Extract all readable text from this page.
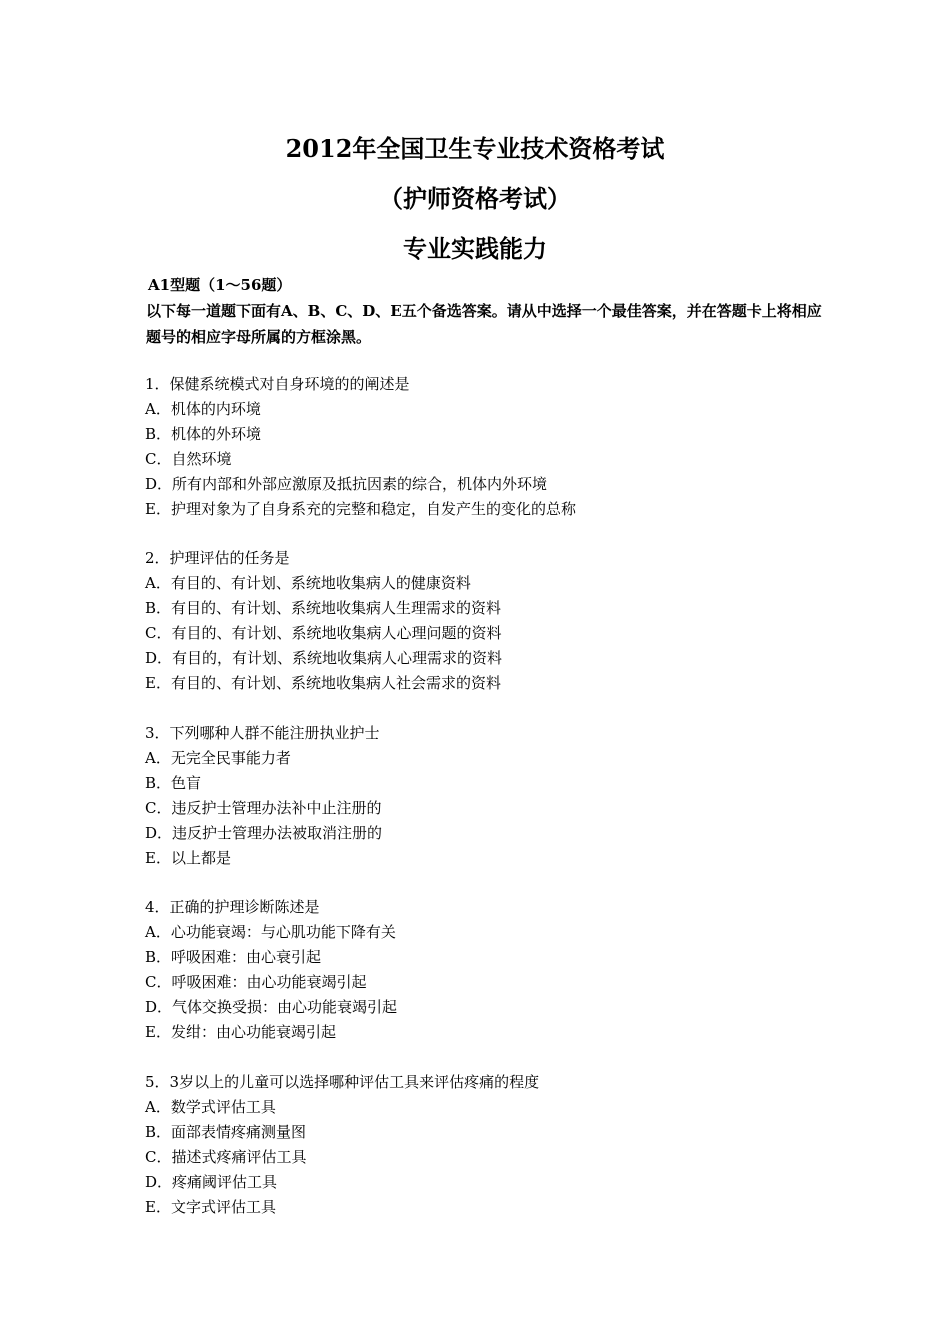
2012年全国卫生专业技术资格考试
（护师资格考试）
专业实践能力
A1型题（1～56题）

以下每一道题下面有A、B、C、D、E五个备选答案。请从中选择一个最佳答案，并在答题卡上将相应题号的相应字母所属的方框涂黑。

1．保健系统模式对自身环境的的阐述是
A．机体的内环境
B．机体的外环境
C．自然环境
D．所有内部和外部应激原及抵抗因素的综合，机体内外环境
E．护理对象为了自身系充的完整和稳定，自发产生的变化的总称
2．护理评估的任务是
A．有目的、有计划、系统地收集病人的健康资料
B．有目的、有计划、系统地收集病人生理需求的资料
C．有目的、有计划、系统地收集病人心理问题的资料
D．有目的，有计划、系统地收集病人心理需求的资料
E．有目的、有计划、系统地收集病人社会需求的资料
3．下列哪种人群不能注册执业护士
A．无完全民事能力者
B．色盲
C．违反护士管理办法补中止注册的
D．违反护士管理办法被取消注册的
E．以上都是
4．正确的护理诊断陈述是
A．心功能衰竭：与心肌功能下降有关
B．呼吸困难：由心衰引起
C．呼吸困难：由心功能衰竭引起
D．气体交换受损：由心功能衰竭引起
E．发绀：由心功能衰竭引起
5．3岁以上的儿童可以选择哪种评估工具来评估疼痛的程度
A．数学式评估工具
B．面部表情疼痛测量图
C．描述式疼痛评估工具
D．疼痛阈评估工具
E．文字式评估工具
